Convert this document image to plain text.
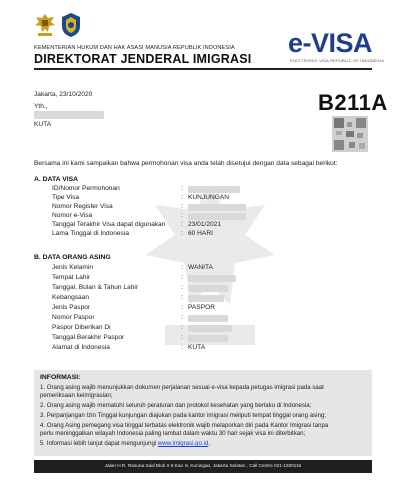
KEMENTERIAN HUKUM DAN HAK ASASI MANUSIA REPUBLIK INDONESIA
DIREKTORAT JENDERAL IMIGRASI
e-VISA
ELECTRONIC VISA REPUBLIC OF INDONESIA
B211A
Jakarta, 23/10/2020
Yth.,
KUTA
Bersama ini kami sampaikan bahwa permohonan visa anda telah disetujui dengan data sebagai berikut:
A. DATA VISA
ID/Nomor Permohonan	:
Tipe Visa	: KUNJUNGAN
Nomor Register Visa	:
Nomor e-Visa	:
Tanggal Terakhir Visa dapat digunakan : 23/01/2021
Lama Tinggal di Indonesia	: 60 HARI
B. DATA ORANG ASING
Jenis Kelamin	: WANITA
Tempat Lahir	:
Tanggal, Bulan & Tahun Lahir	:
Kebangsaan	:
Jenis Paspor	: PASPOR
Nomor Paspor	:
Paspor Diberikan Di	:
Tanggal Berakhir Paspor	:
Alamat di Indonesia	: KUTA
INFORMASI:
1. Orang asing wajib menunjukkan dokumen perjalanan sesuai e-visa kepada petugas imigrasi pada saat
pemeriksaan keimigrasian;
2. Orang asing wajib mematuhi seluruh peraturan dan protokol kesehatan yang berlaku di Indonesia;
3. Perpanjangan Izin Tinggal kunjungan diajukan pada kantor imigrasi meliputi tempat tinggal orang asing;
4. Orang Asing pemegang visa tinggal terbatas elektronik wajib melaporkan diri pada Kantor Imigrasi tanpa
perlu meninggalkan wilayah Indonesia paling lambat dalam waktu 30 hari sejak visa ini diterbitkan;
5. Informasi lebih lanjut dapat mengunjungi www.imigrasi.go.id.
Jalan H.R. Rasuna Said Blok X 6 Kav. 8, Kuningan, Jakarta Selatan , Call Centre 021-1500116
